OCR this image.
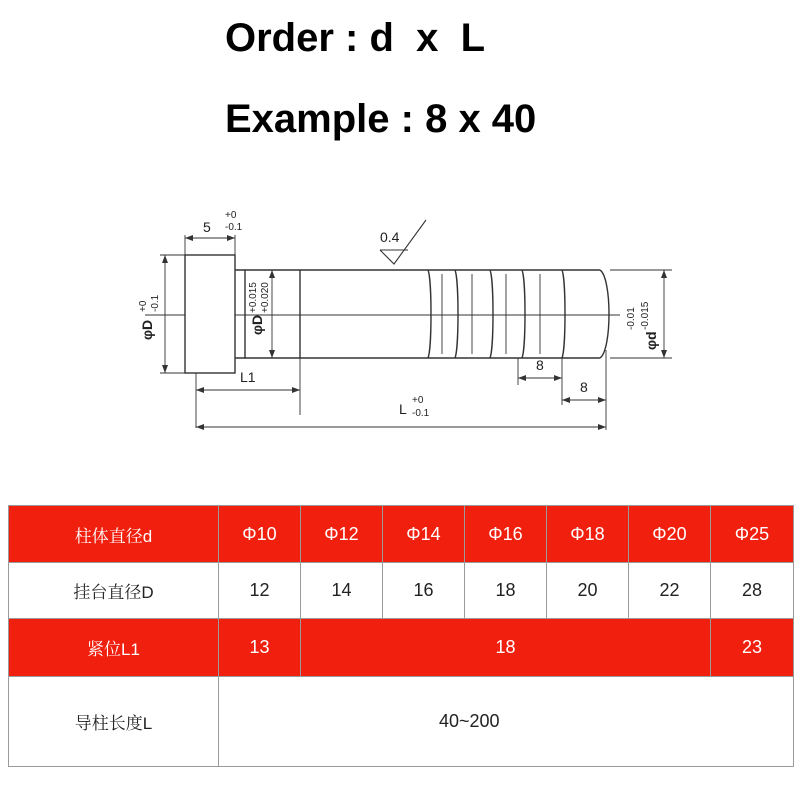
Order : d  x  L
Example : 8 x 40
5
+0
-0.1
0.4
φD
+0 -0.1
φD
+0.015 +0.020
φd
-0.01 -0.015
L1
L
+0
-0.1
8
8
柱体直径d	Φ10	Φ12	Φ14	Φ16	Φ18	Φ20	Φ25
挂台直径D	12	14	16	18	20	22	28
紧位L1	13	18					23
导柱长度L	40~200						
